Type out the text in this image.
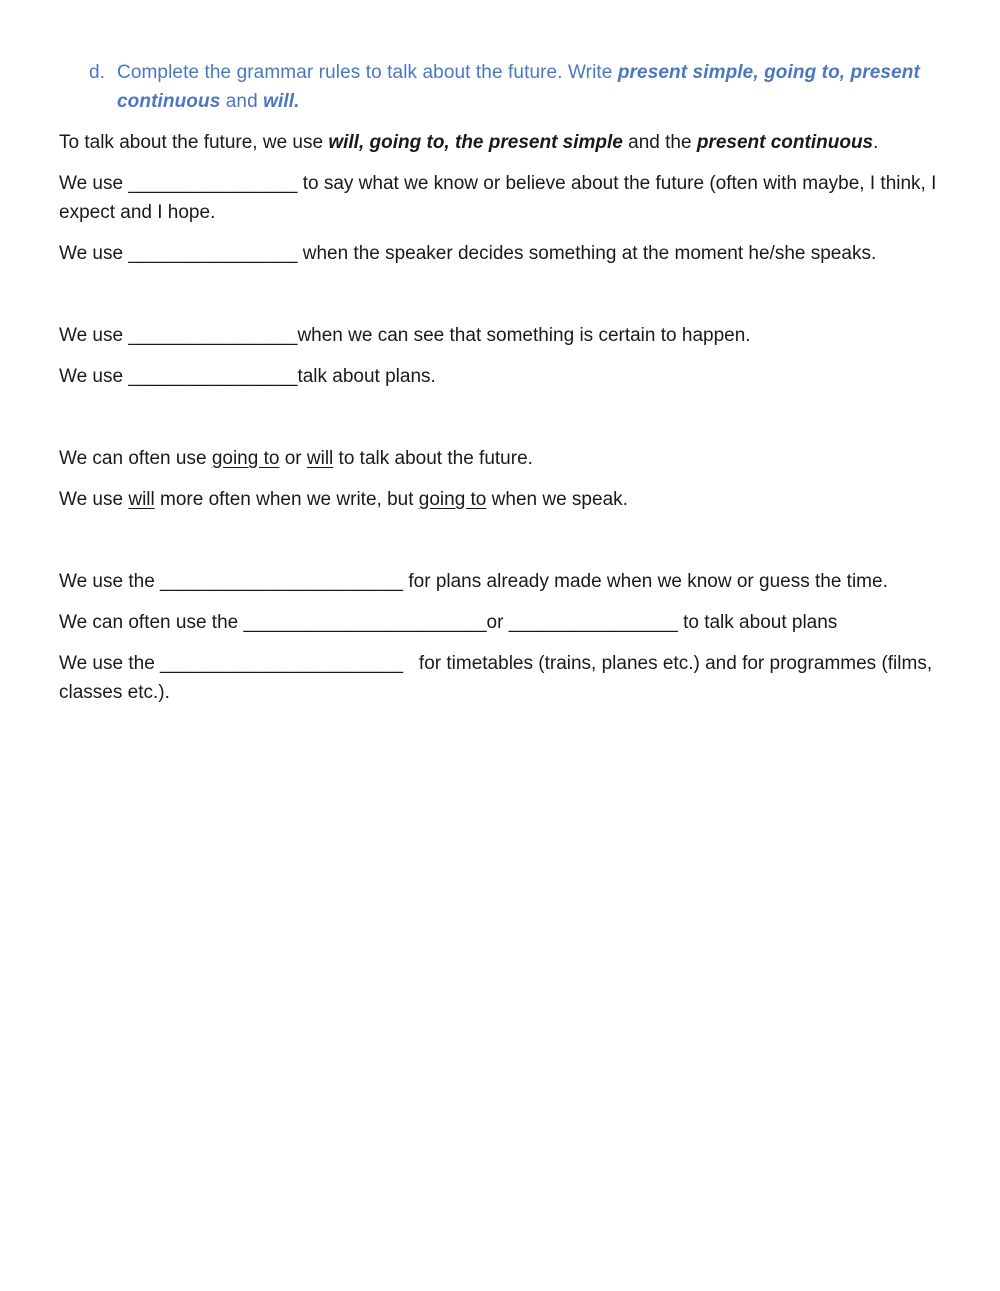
d. Complete the grammar rules to talk about the future. Write present simple, going to, present continuous and will.

To talk about the future, we use will, going to, the present simple and the present continuous.

We use ________________ to say what we know or believe about the future (often with maybe, I think, I expect and I hope.

We use ________________ when the speaker decides something at the moment he/she speaks.

We use ________________when we can see that something is certain to happen.

We use ________________talk about plans.

We can often use going to or will to talk about the future.

We use will more often when we write, but going to when we speak.

We use the _______________________ for plans already made when we know or guess the time.

We can often use the _______________________or ________________ to talk about plans

We use the _______________________   for timetables (trains, planes etc.) and for programmes (films, classes etc.).
